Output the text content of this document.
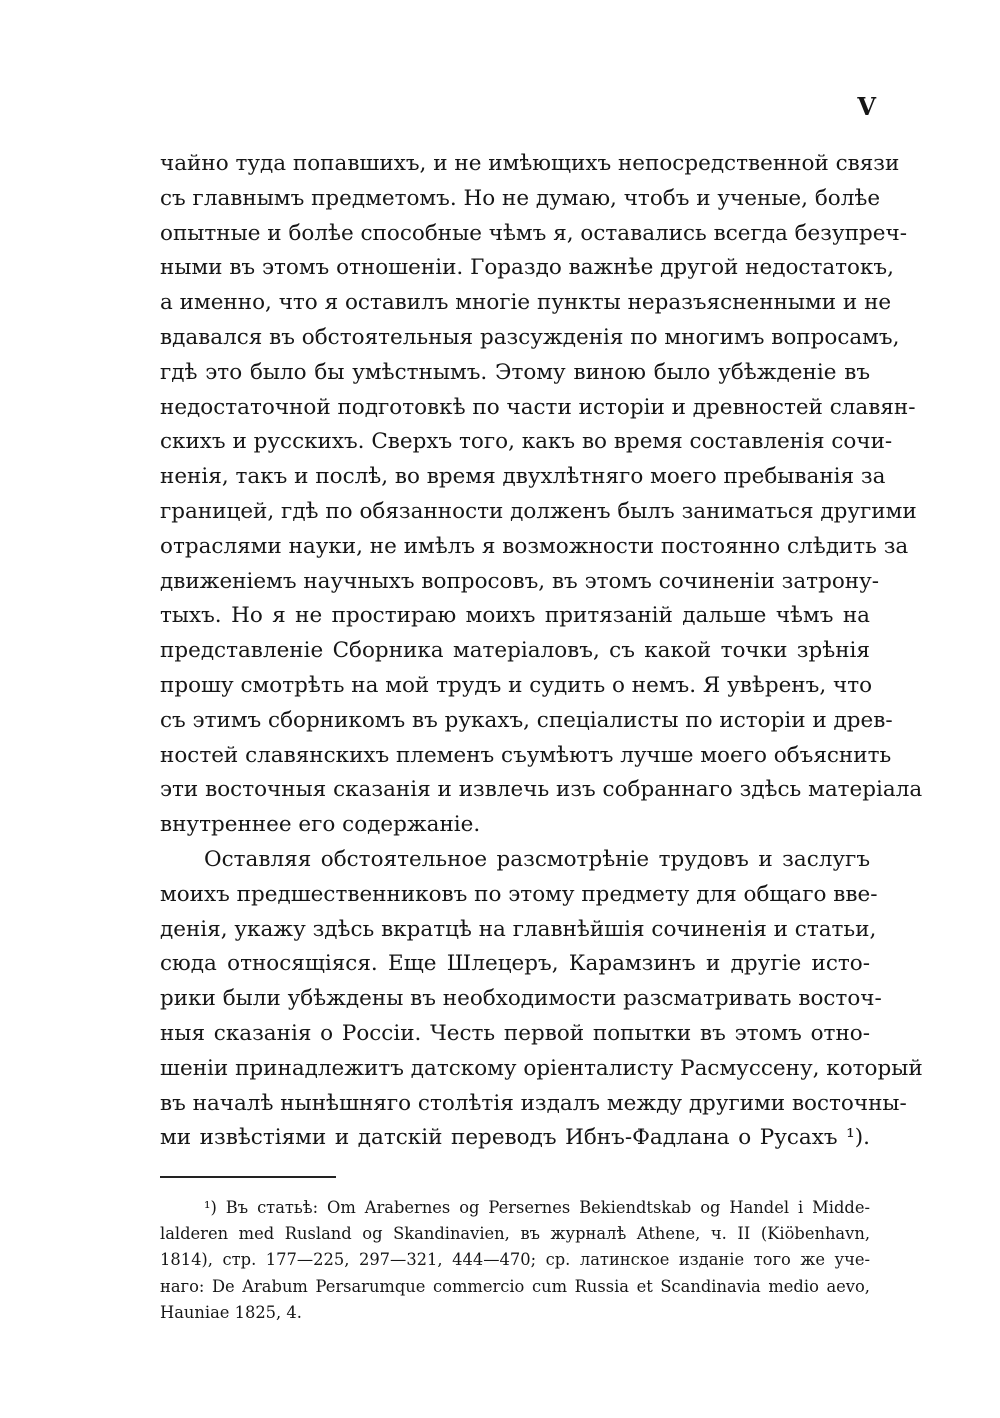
V
чайно туда попавшихъ, и не имѣющихъ непосредственной связи
съ главнымъ предметомъ. Но не думаю, чтобъ и ученые, болѣе
опытные и болѣе способные чѣмъ я, оставались всегда безупреч-
ными въ этомъ отношеніи. Гораздо важнѣе другой недостатокъ,
а именно, что я оставилъ многіе пункты неразъясненными и не
вдавался въ обстоятельныя разсужденія по многимъ вопросамъ,
гдѣ это было бы умѣстнымъ. Этому виною было убѣжденіе въ
недостаточной подготовкѣ по части исторіи и древностей славян-
скихъ и русскихъ. Сверхъ того, какъ во время составленія сочи-
ненія, такъ и послѣ, во время двухлѣтняго моего пребыванія за
границей, гдѣ по обязанности долженъ былъ заниматься другими
отраслями науки, не имѣлъ я возможности постоянно слѣдить за
движеніемъ научныхъ вопросовъ, въ этомъ сочиненіи затрону-
тыхъ. Но я не простираю моихъ притязаній дальше чѣмъ на
представленіе Сборника матеріаловъ, съ какой точки зрѣнія
прошу смотрѣть на мой трудъ и судить о немъ. Я увѣренъ, что
съ этимъ сборникомъ въ рукахъ, спеціалисты по исторіи и древ-
ностей славянскихъ племенъ съумѣютъ лучше моего объяснить
эти восточныя сказанія и извлечь изъ собраннаго здѣсь матеріала
внутреннее его содержаніе.
Оставляя обстоятельное разсмотрѣніе трудовъ и заслугъ
моихъ предшественниковъ по этому предмету для общаго вве-
денія, укажу здѣсь вкратцѣ на главнѣйшія сочиненія и статьи,
сюда относящіяся. Еще Шлецеръ, Карамзинъ и другіе исто-
рики были убѣждены въ необходимости разсматривать восточ-
ныя сказанія о Россіи. Честь первой попытки въ этомъ отно-
шеніи принадлежитъ датскому оріенталисту Расмуссену, который
въ началѣ нынѣшняго столѣтія издалъ между другими восточны-
ми извѣстіями и датскій переводъ Ибнъ-Фадлана о Русахъ ¹).
¹) Въ статьѣ: Om Arabernes og Persernes Bekiendtskab og Handel i Midde-
lalderen med Rusland og Skandinavien, въ журналѣ Athene, ч. II (Kiöbenhavn,
1814), стр. 177—225, 297—321, 444—470; ср. латинское изданіе того же уче-
наго: De Arabum Persarumque commercio cum Russia et Scandinavia medio aevo,
Hauniae 1825, 4.
